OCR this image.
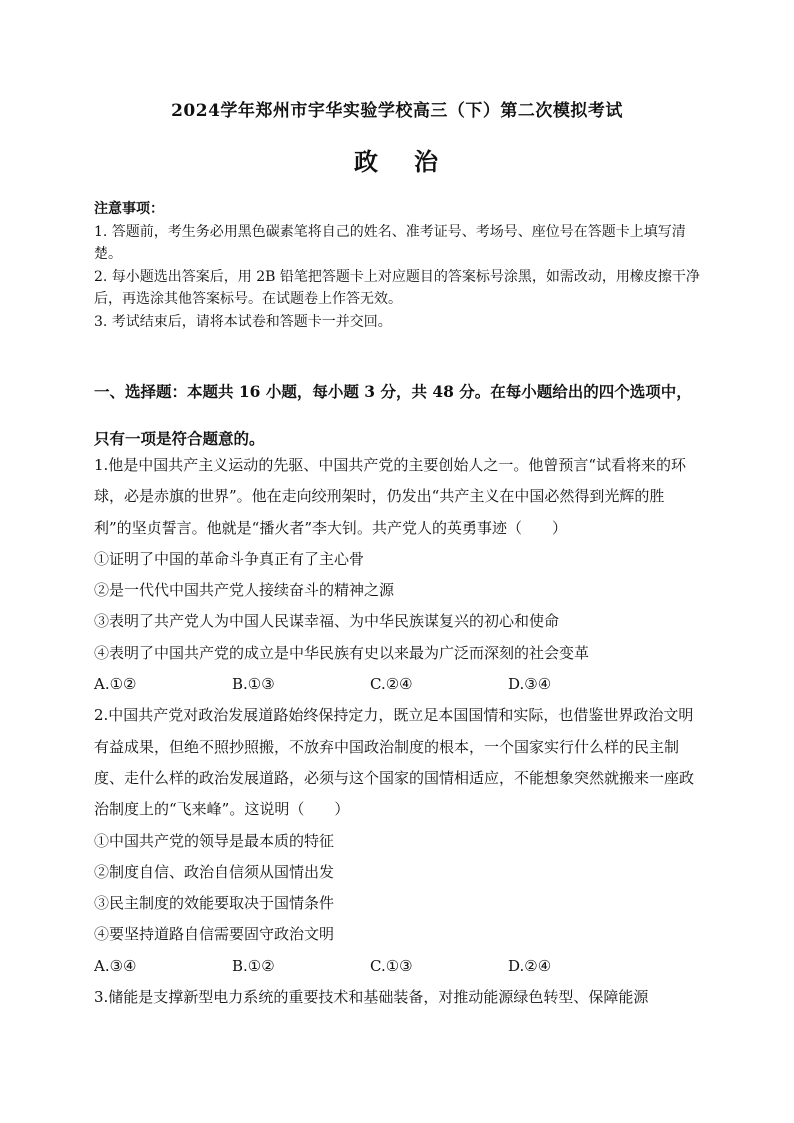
2024学年郑州市宇华实验学校高三（下）第二次模拟考试
政 治

注意事项：

1. 答题前，考生务必用黑色碳素笔将自己的姓名、准考证号、考场号、座位号在答题卡上填写清楚。

2. 每小题选出答案后，用 2B 铅笔把答题卡上对应题目的答案标号涂黑，如需改动，用橡皮擦干净后，再选涂其他答案标号。在试题卷上作答无效。

3. 考试结束后，请将本试卷和答题卡一并交回。

一、选择题：本题共 16 小题，每小题 3 分，共 48 分。在每小题给出的四个选项中，只有一项是符合题意的。

1.他是中国共产主义运动的先驱、中国共产党的主要创始人之一。他曾预言“试看将来的环球，必是赤旗的世界”。他在走向绞刑架时，仍发出“共产主义在中国必然得到光辉的胜利”的坚贞誓言。他就是“播火者”李大钊。共产党人的英勇事迹（　　）

①证明了中国的革命斗争真正有了主心骨

②是一代代中国共产党人接续奋斗的精神之源

③表明了共产党人为中国人民谋幸福、为中华民族谋复兴的初心和使命

④表明了中国共产党的成立是中华民族有史以来最为广泛而深刻的社会变革

A.①②	B.①③	C.②④	D.③④

2.中国共产党对政治发展道路始终保持定力，既立足本国国情和实际，也借鉴世界政治文明有益成果，但绝不照抄照搬，不放弃中国政治制度的根本，一个国家实行什么样的民主制度、走什么样的政治发展道路，必须与这个国家的国情相适应，不能想象突然就搬来一座政治制度上的“飞来峰”。这说明（　　）

①中国共产党的领导是最本质的特征

②制度自信、政治自信须从国情出发

③民主制度的效能要取决于国情条件

④要坚持道路自信需要固守政治文明

A.③④	B.①②	C.①③	D.②④

3.储能是支撑新型电力系统的重要技术和基础装备，对推动能源绿色转型、保障能源
